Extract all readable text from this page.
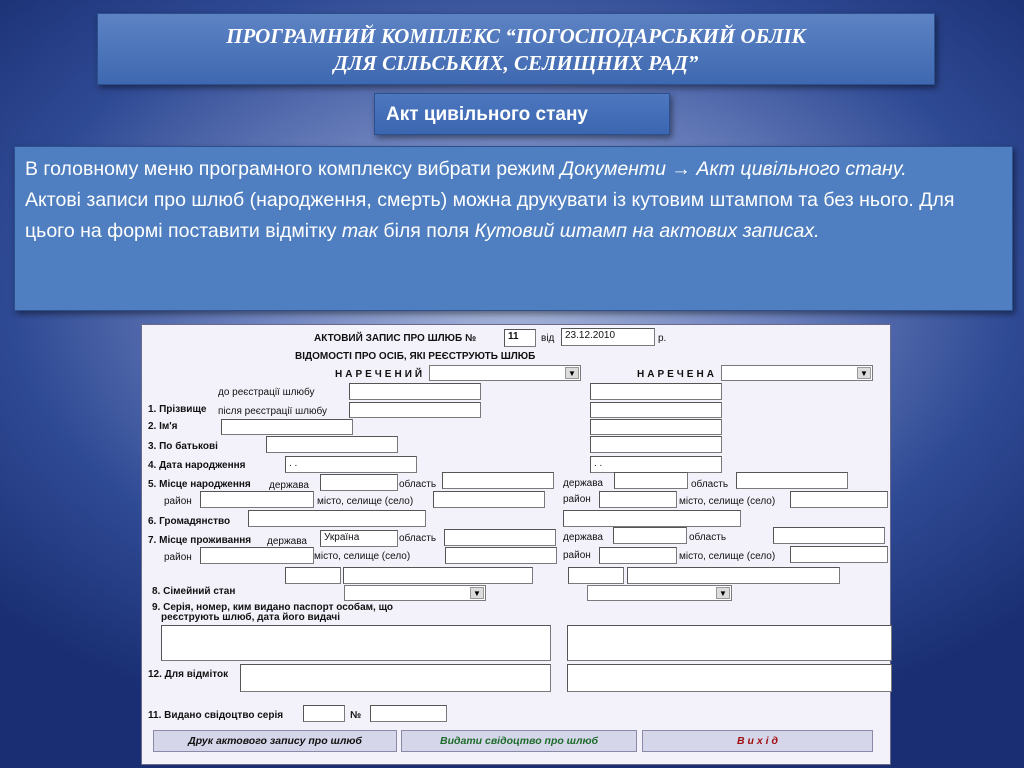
ПРОГРАМНИЙ КОМПЛЕКС “ПОГОСПОДАРСЬКИЙ ОБЛІК
ДЛЯ СІЛЬСЬКИХ, СЕЛИЩНИХ РАД”
Акт цивільного стану

В головному меню програмного комплексу вибрати режим Документи → Акт цивільного стану.

Актові записи про шлюб (народження, смерть) можна друкувати із кутовим штампом та без нього. Для цього на формі поставити відмітку так біля поля Кутовий штамп на актових записах.

АКТОВИЙ ЗАПИС ПРО ШЛЮБ №	11	від	23.12.2010	р.
ВІДОМОСТІ ПРО ОСІБ, ЯКІ РЕЄСТРУЮТЬ ШЛЮБ
НАРЕЧЕНИЙ	▼	НАРЕЧЕНА	▼
до реєстрації шлюбу
1. Прізвище після реєстрації шлюбу
2. Ім'я
3. По батькові
4. Дата народження	. .	. .
5. Місце народження держава	область	держава	область
район	місто, селище (село)	район	місто, селище (село)
6. Громадянство
7. Місце проживання держава	Україна	область	держава	область
район	місто, селище (село)	район	місто, селище (село)
8. Сімейний стан	▼	▼
9. Серія, номер, ким видано паспорт особам, що
реєструють шлюб, дата його видачі
12. Для відміток
11. Видано свідоцтво серія	№
Друк актового запису про шлюб	Видати свідоцтво про шлюб	В и х і д
